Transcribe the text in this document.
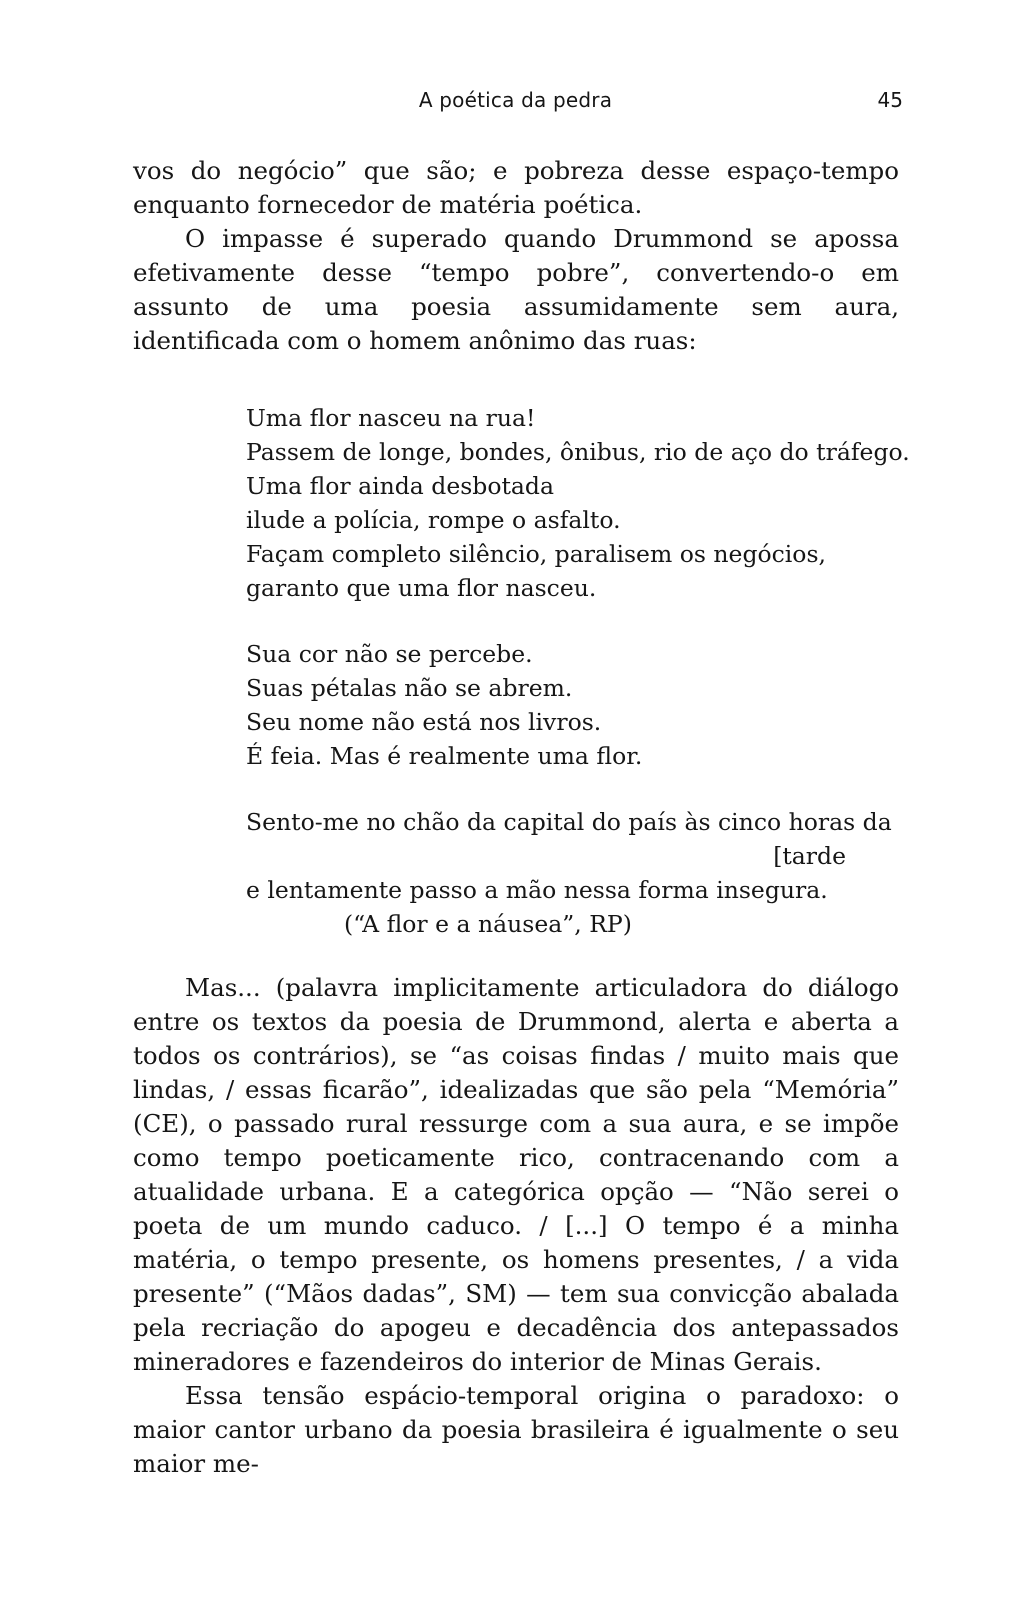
A poética da pedra	45

vos do negócio” que são; e pobreza desse espaço-tempo enquanto fornecedor de matéria poética.

O impasse é superado quando Drummond se apossa efetivamente desse “tempo pobre”, convertendo-o em assunto de uma poesia assumidamente sem aura, identificada com o homem anônimo das ruas:

Uma flor nasceu na rua!
Passem de longe, bondes, ônibus, rio de aço do tráfego.
Uma flor ainda desbotada
ilude a polícia, rompe o asfalto.
Façam completo silêncio, paralisem os negócios,
garanto que uma flor nasceu.
Sua cor não se percebe.
Suas pétalas não se abrem.
Seu nome não está nos livros.
É feia. Mas é realmente uma flor.
Sento-me no chão da capital do país às cinco horas da
[tarde
e lentamente passo a mão nessa forma insegura.
(“A flor e a náusea”, RP)

Mas... (palavra implicitamente articuladora do diálogo entre os textos da poesia de Drummond, alerta e aberta a todos os contrários), se “as coisas findas / muito mais que lindas, / essas ficarão”, idealizadas que são pela “Memória” (CE), o passado rural ressurge com a sua aura, e se impõe como tempo poeticamente rico, contracenando com a atualidade urbana. E a categórica opção — “Não serei o poeta de um mundo caduco. / [...] O tempo é a minha matéria, o tempo presente, os homens presentes, / a vida presente” (“Mãos dadas”, SM) — tem sua convicção abalada pela recriação do apogeu e decadência dos antepassados mineradores e fazendeiros do interior de Minas Gerais.

Essa tensão espácio-temporal origina o paradoxo: o maior cantor urbano da poesia brasileira é igualmente o seu maior me-
